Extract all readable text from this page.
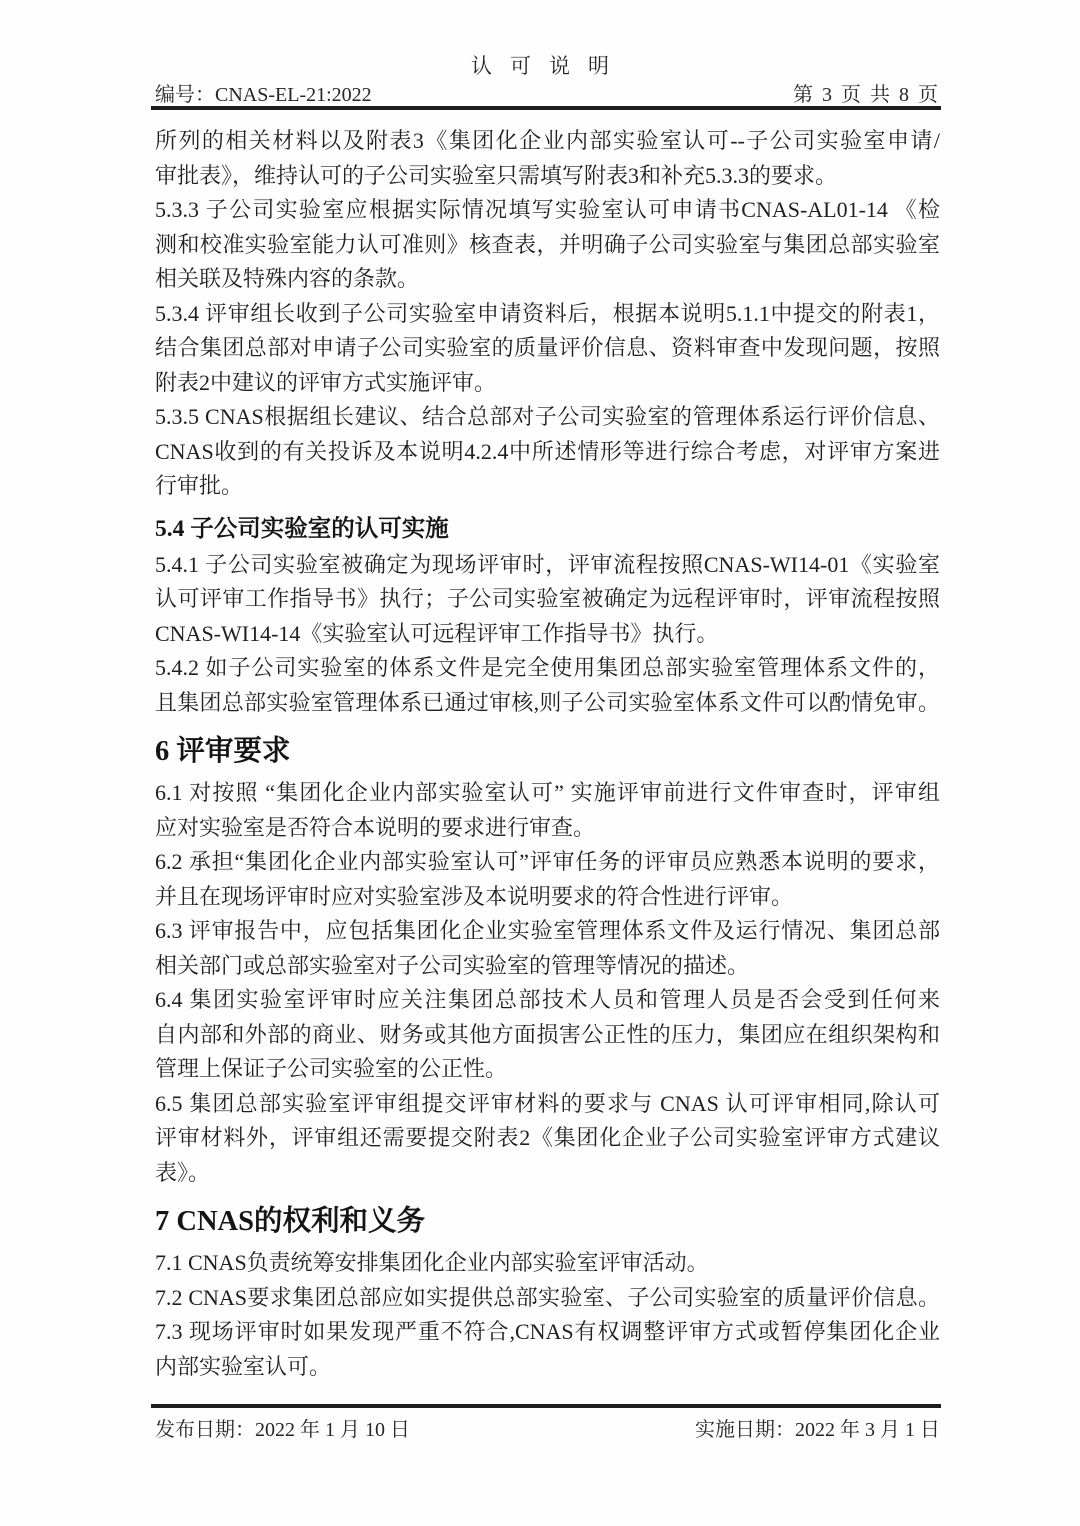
认可说明
编号：CNAS-EL-21:2022	第 3 页 共 8 页
所列的相关材料以及附表3《集团化企业内部实验室认可--子公司实验室申请/
审批表》，维持认可的子公司实验室只需填写附表3和补充5.3.3的要求。
5.3.3 子公司实验室应根据实际情况填写实验室认可申请书CNAS-AL01-14 《检
测和校准实验室能力认可准则》核查表，并明确子公司实验室与集团总部实验室
相关联及特殊内容的条款。
5.3.4 评审组长收到子公司实验室申请资料后，根据本说明5.1.1中提交的附表1，
结合集团总部对申请子公司实验室的质量评价信息、资料审查中发现问题，按照
附表2中建议的评审方式实施评审。
5.3.5 CNAS根据组长建议、结合总部对子公司实验室的管理体系运行评价信息、
CNAS收到的有关投诉及本说明4.2.4中所述情形等进行综合考虑，对评审方案进
行审批。
5.4 子公司实验室的认可实施
5.4.1 子公司实验室被确定为现场评审时，评审流程按照CNAS-WI14-01《实验室
认可评审工作指导书》执行；子公司实验室被确定为远程评审时，评审流程按照
CNAS-WI14-14《实验室认可远程评审工作指导书》执行。
5.4.2 如子公司实验室的体系文件是完全使用集团总部实验室管理体系文件的，
且集团总部实验室管理体系已通过审核,则子公司实验室体系文件可以酌情免审。
6 评审要求
6.1 对按照 “集团化企业内部实验室认可” 实施评审前进行文件审查时，评审组
应对实验室是否符合本说明的要求进行审查。
6.2 承担“集团化企业内部实验室认可”评审任务的评审员应熟悉本说明的要求，
并且在现场评审时应对实验室涉及本说明要求的符合性进行评审。
6.3 评审报告中，应包括集团化企业实验室管理体系文件及运行情况、集团总部
相关部门或总部实验室对子公司实验室的管理等情况的描述。
6.4 集团实验室评审时应关注集团总部技术人员和管理人员是否会受到任何来
自内部和外部的商业、财务或其他方面损害公正性的压力，集团应在组织架构和
管理上保证子公司实验室的公正性。
6.5 集团总部实验室评审组提交评审材料的要求与 CNAS 认可评审相同,除认可
评审材料外，评审组还需要提交附表2《集团化企业子公司实验室评审方式建议
表》。
7 CNAS的权利和义务
7.1 CNAS负责统筹安排集团化企业内部实验室评审活动。
7.2 CNAS要求集团总部应如实提供总部实验室、子公司实验室的质量评价信息。
7.3 现场评审时如果发现严重不符合,CNAS有权调整评审方式或暂停集团化企业
内部实验室认可。
发布日期：2022 年 1 月 10 日	实施日期：2022 年 3 月 1 日
